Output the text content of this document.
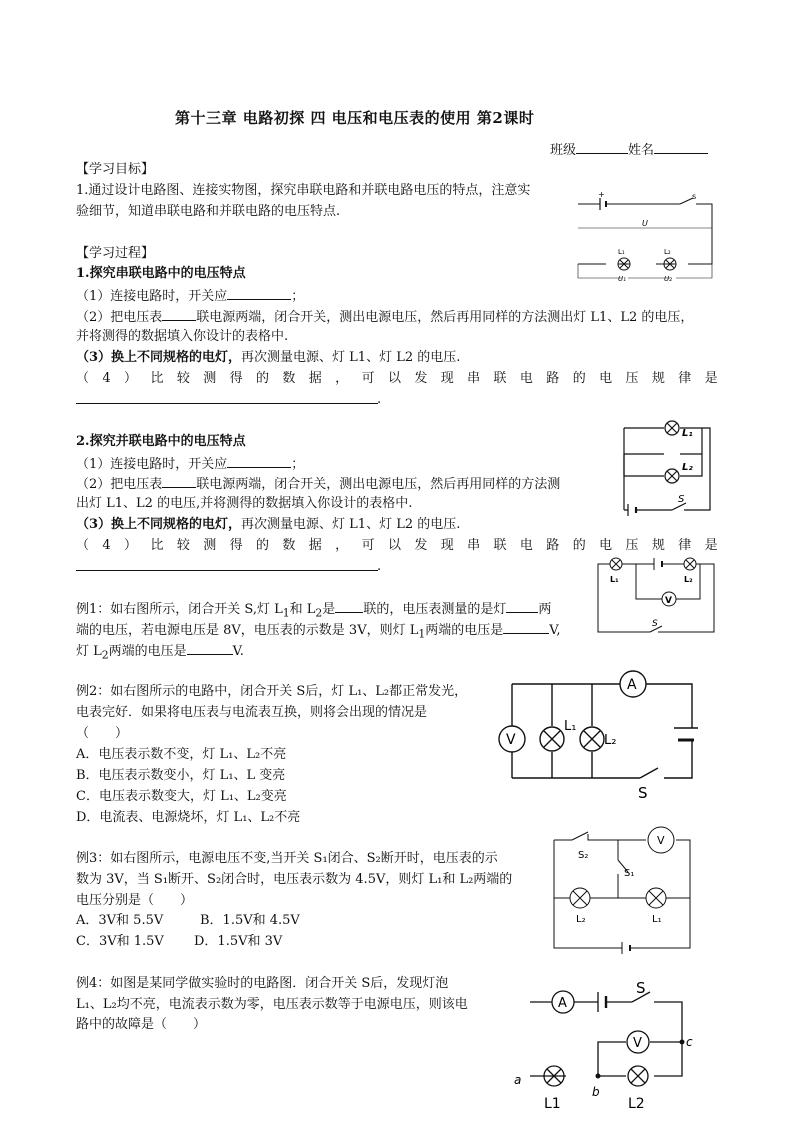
第十三章 电路初探 四 电压和电压表的使用 第2课时
班级	姓名
【学习目标】
1.通过设计电路图、连接实物图，探究串联电路和并联电路电压的特点，注意实
验细节，知道串联电路和并联电路的电压特点.
【学习过程】
1.探究串联电路中的电压特点
（1）连接电路时，开关应	；
（2）把电压表	联电源两端，闭合开关，测出电源电压，然后再用同样的方法测出灯 L1、L2 的电压，
并将测得的数据填入你设计的表格中.
（3）换上不同规格的电灯，再次测量电源、灯 L1、灯 L2 的电压.
（ 4 ） 比 较 测 得 的 数 据 ， 可 以 发 现 串 联 电 路 的 电 压 规 律 是
.
2.探究并联电路中的电压特点
（1）连接电路时，开关应	；
（2）把电压表	联电源两端，闭合开关，测出电源电压，然后再用同样的方法测
出灯 L1、L2 的电压,并将测得的数据填入你设计的表格中.
（3）换上不同规格的电灯，再次测量电源、灯 L1、灯 L2 的电压.
（ 4 ） 比 较 测 得 的 数 据 ， 可 以 发 现 串 联 电 路 的 电 压 规 律 是
.
例1：如右图所示，闭合开关 S,灯 $L_1$和 $L_2$是 联的，电压表测量的是灯 两
端的电压，若电源电压是 8V，电压表的示数是 3V，则灯 $L_1$两端的电压是	V,
灯 $L_2$两端的电压是	V.
例2：如右图所示的电路中，闭合开关 S后，灯 L₁、L₂都正常发光，
电表完好．如果将电压表与电流表互换，则将会出现的情况是
（　　）
A．电压表示数不变，灯 L₁、L₂不亮
B．电压表示数变小，灯 L₁、L 变亮
C．电压表示数变大，灯 L₁、L₂变亮
D．电流表、电源烧坏，灯 L₁、L₂不亮
例3：如右图所示，电源电压不变,当开关 S₁闭合、S₂断开时，电压表的示
数为 3V，当 S₁断开、S₂闭合时，电压表示数为 4.5V，则灯 L₁和 L₂两端的
电压分别是（　　）
A．3V和 5.5V	B．1.5V和 4.5V
C．3V和 1.5V D．1.5V和 3V
例4：如图是某同学做实验时的电路图．闭合开关 S后，发现灯泡
L₁、L₂均不亮，电流表示数为零，电压表示数等于电源电压，则该电
路中的故障是（　　）
+	s
U
L₁	L₂
U₁	U₂
L₁
L₂
S
L₁	L₂
V
S
V
A
L₁
L₂
S
S₂
S₁
V
L₂	L₁
A
V
S
c
a
b
L1	L2
